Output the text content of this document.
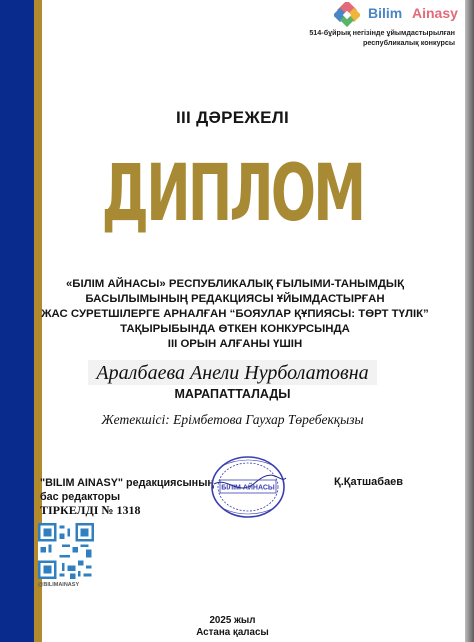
Bilim Ainasy
514-бұйрық негізінде ұйымдастырылған
республикалық конкурсы
III ДӘРЕЖЕЛІ
ДИПЛОМ
«БІЛІМ АЙНАСЫ» РЕСПУБЛИКАЛЫҚ ҒЫЛЫМИ-ТАНЫМДЫҚ
БАСЫЛЫМЫНЫҢ РЕДАКЦИЯСЫ ҰЙЫМДАСТЫРҒАН
ЖАС СУРЕТШІЛЕРГЕ АРНАЛҒАН “БОЯУЛАР ҚҰПИЯСЫ: ТӨРТ ТҮЛІК”
ТАҚЫРЫБЫНДА ӨТКЕН КОНКУРСЫНДА
III ОРЫН АЛҒАНЫ ҮШІН
Аралбаева Анели Нурболатовна
МАРАПАТТАЛАДЫ
Жетекшісі: Ерімбетова Гаухар Төребекқызы
"BILIM AINASY" редакциясының
бас редакторы
ТІРКЕЛДІ № 1318
Қ.Қатшабаев
БІЛІМ АЙНАСЫ
@BILIMAINASY
2025 жыл
Астана қаласы
